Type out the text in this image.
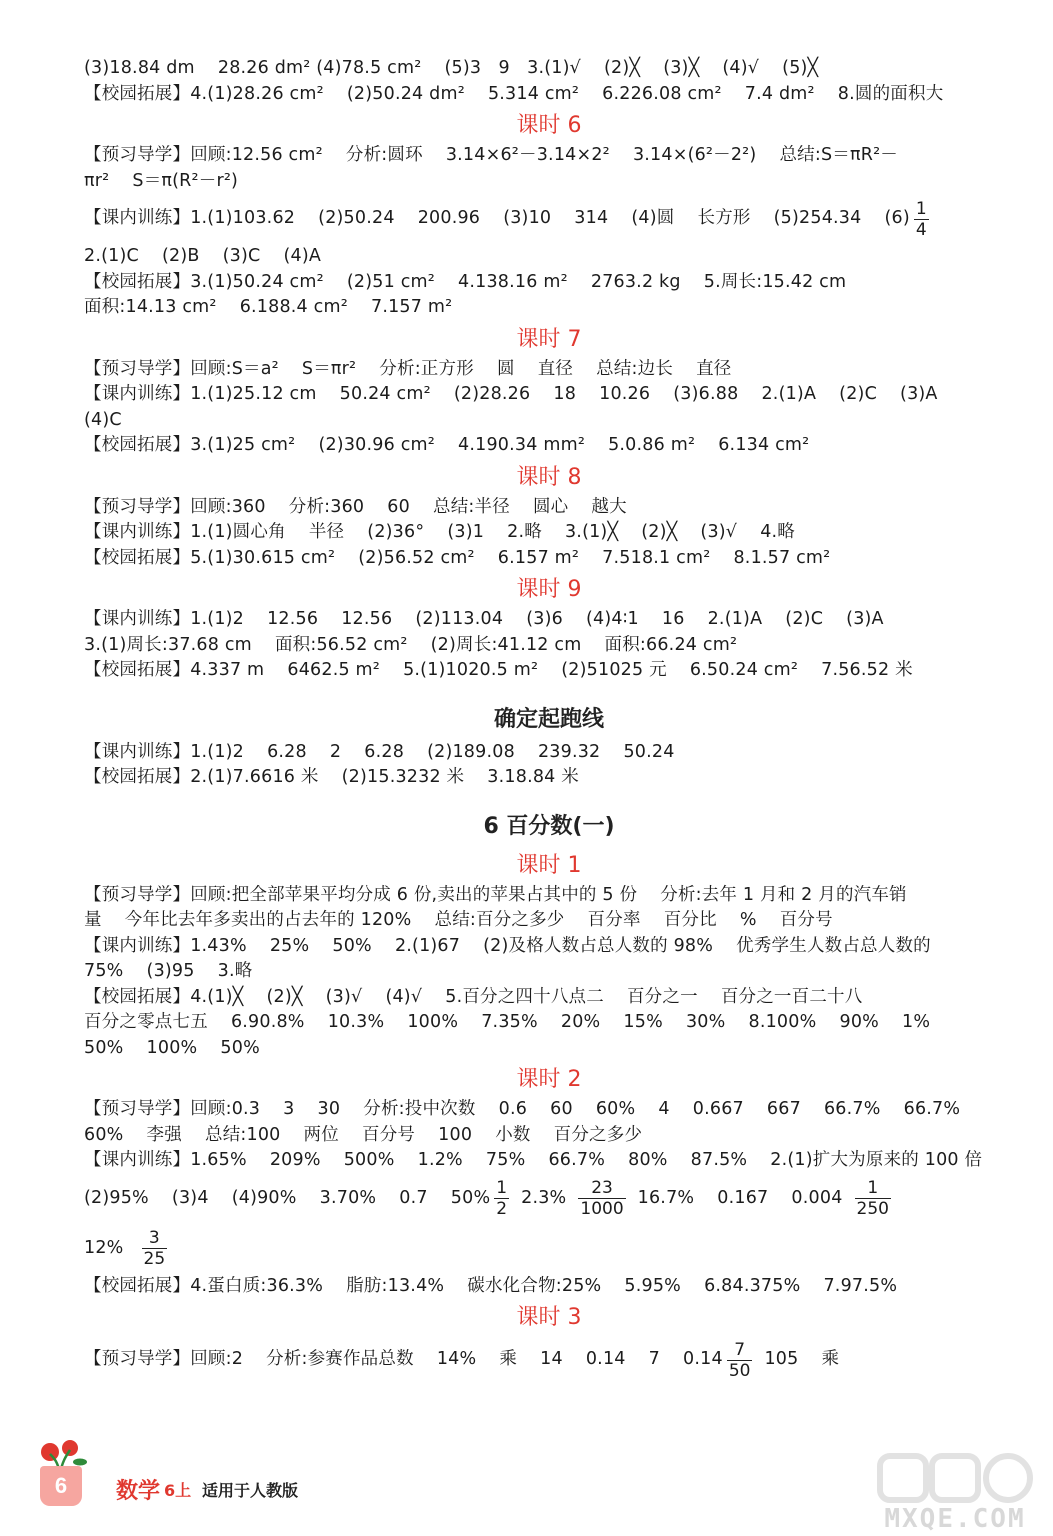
(3)18.84 dm    28.26 dm² (4)78.5 cm²    (5)3   9   3.(1)√    (2)╳    (3)╳    (4)√    (5)╳
【校园拓展】4.(1)28.26 cm²    (2)50.24 dm²    5.314 cm²    6.226.08 cm²    7.4 dm²    8.圆的面积大
课时 6
【预习导学】回顾:12.56 cm²    分析:圆环    3.14×6²－3.14×2²    3.14×(6²－2²)    总结:S＝πR²－
πr²    S＝π(R²－r²)
【课内训练】1.(1)103.62    (2)50.24    200.96    (3)10    314    (4)圆    长方形    (5)254.34    $(6) \frac{1}{4}$
2.(1)C    (2)B    (3)C    (4)A
【校园拓展】3.(1)50.24 cm²    (2)51 cm²    4.138.16 m²    2763.2 kg    5.周长:15.42 cm
面积:14.13 cm²    6.188.4 cm²    7.157 m²
课时 7
【预习导学】回顾:S＝a²    S＝πr²    分析:正方形    圆    直径    总结:边长    直径
【课内训练】1.(1)25.12 cm    50.24 cm²    (2)28.26    18    10.26    (3)6.88    2.(1)A    (2)C    (3)A
(4)C
【校园拓展】3.(1)25 cm²    (2)30.96 cm²    4.190.34 mm²    5.0.86 m²    6.134 cm²
课时 8
【预习导学】回顾:360    分析:360    60    总结:半径    圆心    越大
【课内训练】1.(1)圆心角    半径    (2)36°    (3)1    2.略    3.(1)╳    (2)╳    (3)√    4.略
【校园拓展】5.(1)30.615 cm²    (2)56.52 cm²    6.157 m²    7.518.1 cm²    8.1.57 cm²
课时 9
【课内训练】1.(1)2    12.56    12.56    (2)113.04    (3)6    (4)4∶1    16    2.(1)A    (2)C    (3)A
3.(1)周长:37.68 cm    面积:56.52 cm²    (2)周长:41.12 cm    面积:66.24 cm²
【校园拓展】4.337 m    6462.5 m²    5.(1)1020.5 m²    (2)51025 元    6.50.24 cm²    7.56.52 米
确定起跑线
【课内训练】1.(1)2    6.28    2    6.28    (2)189.08    239.32    50.24
【校园拓展】2.(1)7.6616 米    (2)15.3232 米    3.18.84 米
6 百分数(一)
课时 1
【预习导学】回顾:把全部苹果平均分成 6 份,卖出的苹果占其中的 5 份    分析:去年 1 月和 2 月的汽车销
量    今年比去年多卖出的占去年的 120%    总结:百分之多少    百分率    百分比    %    百分号
【课内训练】1.43%    25%    50%    2.(1)67    (2)及格人数占总人数的 98%    优秀学生人数占总人数的
75%    (3)95    3.略
【校园拓展】4.(1)╳    (2)╳    (3)√    (4)√    5.百分之四十八点二    百分之一    百分之一百二十八
百分之零点七五    6.90.8%    10.3%    100%    7.35%    20%    15%    30%    8.100%    90%    1%
50%    100%    50%
课时 2
【预习导学】回顾:0.3    3    30    分析:投中次数    0.6    60    60%    4    0.667    667    66.7%    66.7%
60%    李强    总结:100    两位    百分号    100    小数    百分之多少
【课内训练】1.65%    209%    500%    1.2%    75%    66.7%    80%    87.5%    2.(1)扩大为原来的 100 倍
(2)95%    (3)4    (4)90%    3.70%    0.7    $50\% \frac{1}{2} 2.3\% \frac{23}{1000} 16.7\%$    0.167    $0.004 \frac{1}{250}$
$12\% \frac{3}{25}$
【校园拓展】4.蛋白质:36.3%    脂肪:13.4%    碳水化合物:25%    5.95%    6.84.375%    7.97.5%
课时 3
【预习导学】回顾:2    分析:参赛作品总数    14%    乘    14    0.14    7    $0.14 \frac{7}{50} 105$    乘
6	数学 6上 适用于人教版
MXQE.COM
